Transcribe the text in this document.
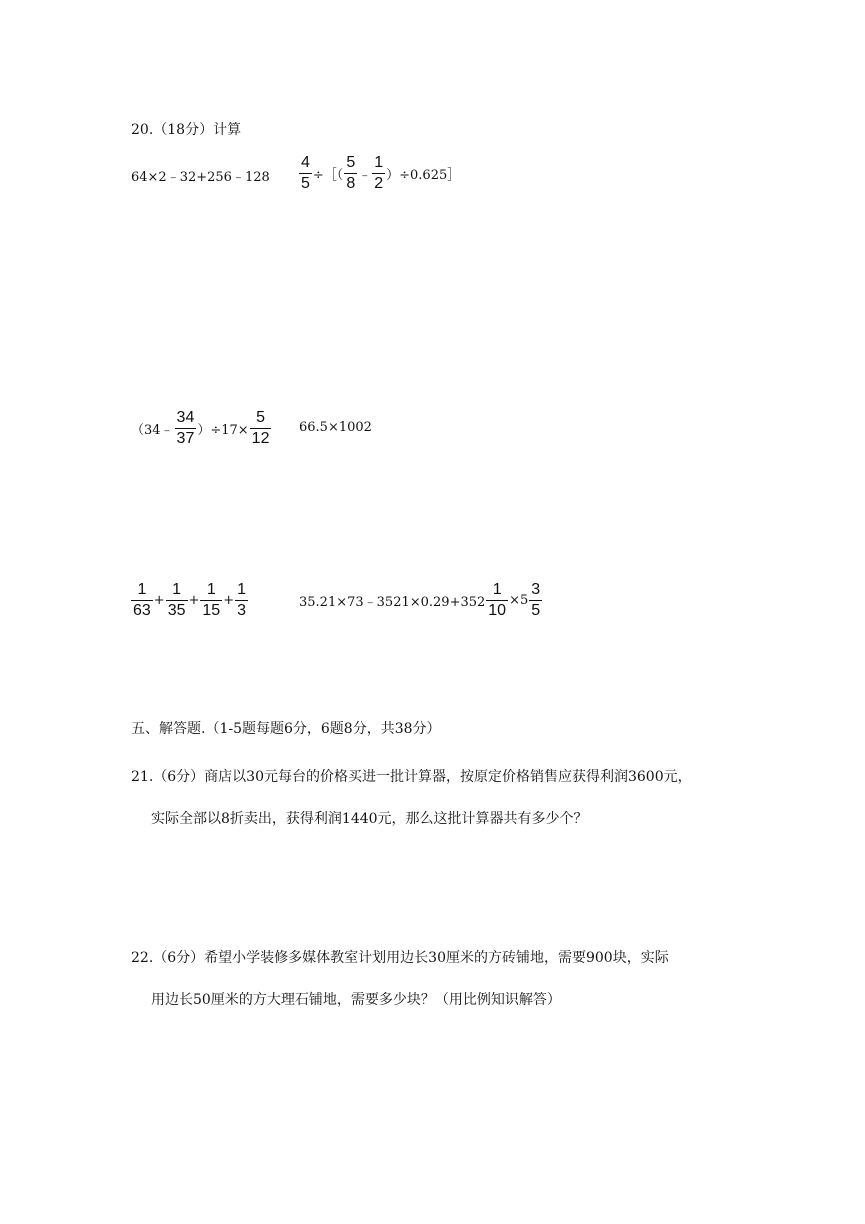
20.（18分）计算
64×2﹣32+256﹣128 $\frac{4}{5}$ ÷［（ $\frac{5}{8}$ ﹣ $\frac{1}{2}$ ）÷0.625］
（34﹣ $\frac{34}{37} )\div 17\times \frac{5}{12} 66.5\times 1002$
$\frac{1}{63} + \frac{1}{35} + \frac{1}{15} + \frac{1}{3}$	35.21×73﹣3521×0.29+352 $\frac{1}{10} \times 5 \frac{3}{5}$
五、解答题.（1-5题每题6分，6题8分，共38分）
21.（6分）商店以30元每台的价格买进一批计算器，按原定价格销售应获得利润3600元，
实际全部以8折卖出，获得利润1440元，那么这批计算器共有多少个？
22.（6分）希望小学装修多媒体教室计划用边长30厘米的方砖铺地，需要900块，实际
用边长50厘米的方大理石铺地，需要多少块？（用比例知识解答）
